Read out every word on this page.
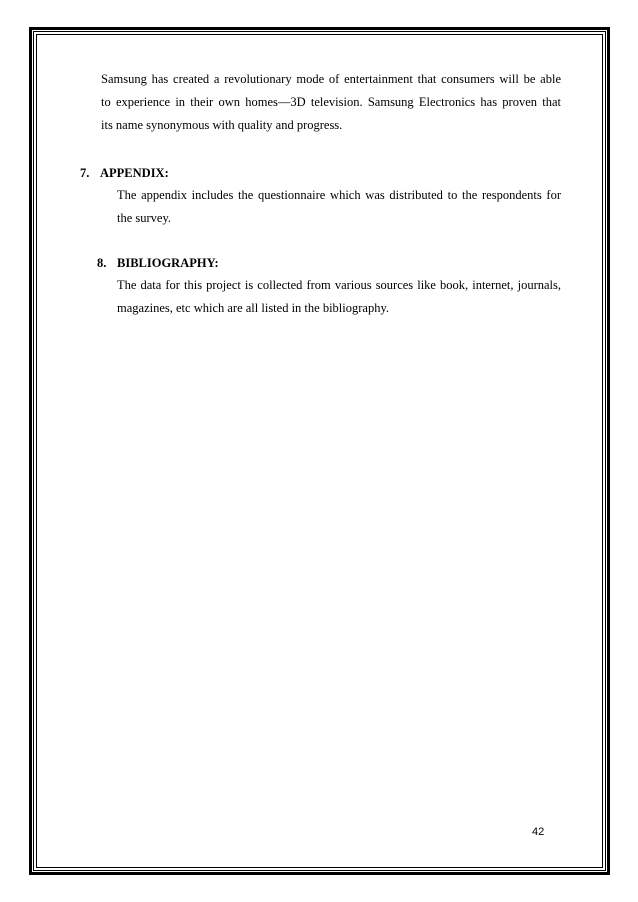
Samsung has created a revolutionary mode of entertainment that consumers will be able
to experience in their own homes—3D television. Samsung Electronics has proven that
its name synonymous with quality and progress.
7. APPENDIX:
The appendix includes the questionnaire which was distributed to the respondents for
the survey.
8. BIBLIOGRAPHY:
The data for this project is collected from various sources like book, internet, journals,
magazines, etc which are all listed in the bibliography.
42
